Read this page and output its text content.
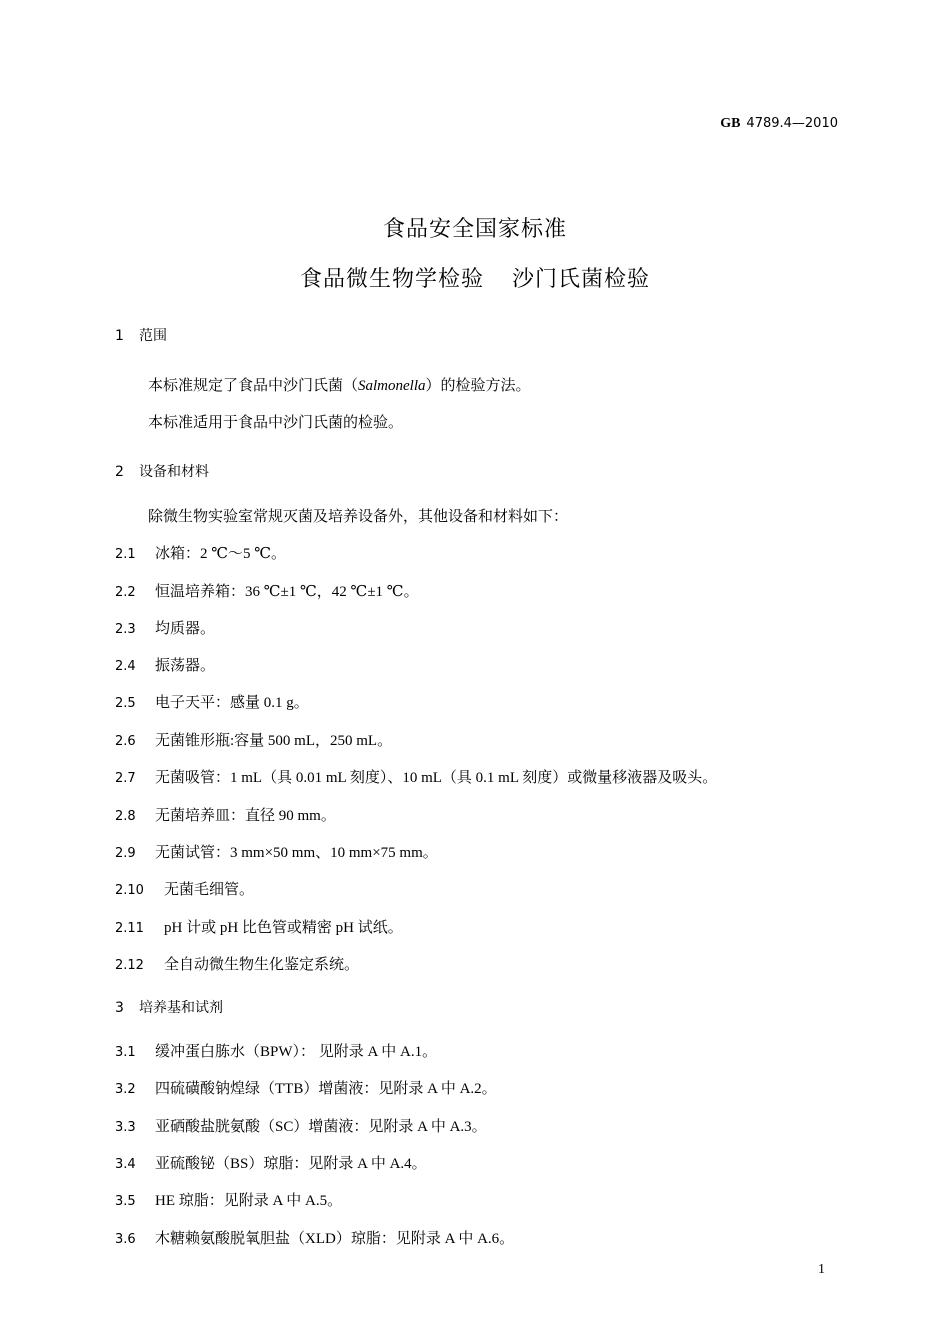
GB 4789.4—2010
食品安全国家标准
食品微生物学检验 沙门氏菌检验
1 范围
本标准规定了食品中沙门氏菌（Salmonella）的检验方法。
本标准适用于食品中沙门氏菌的检验。
2 设备和材料
除微生物实验室常规灭菌及培养设备外，其他设备和材料如下：
2.1 冰箱：2 ℃～5 ℃。
2.2 恒温培养箱：36 ℃±1 ℃，42 ℃±1 ℃。
2.3 均质器。
2.4 振荡器。
2.5 电子天平：感量 0.1 g。
2.6 无菌锥形瓶:容量 500 mL，250 mL。
2.7 无菌吸管：1 mL（具 0.01 mL 刻度）、10 mL（具 0.1 mL 刻度）或微量移液器及吸头。
2.8 无菌培养皿：直径 90 mm。
2.9 无菌试管：3 mm×50 mm、10 mm×75 mm。
2.10 无菌毛细管。
2.11 pH 计或 pH 比色管或精密 pH 试纸。
2.12 全自动微生物生化鉴定系统。
3 培养基和试剂
3.1 缓冲蛋白胨水（BPW）： 见附录 A 中 A.1。
3.2 四硫磺酸钠煌绿（TTB）增菌液：见附录 A 中 A.2。
3.3 亚硒酸盐胱氨酸（SC）增菌液：见附录 A 中 A.3。
3.4 亚硫酸铋（BS）琼脂：见附录 A 中 A.4。
3.5 HE 琼脂：见附录 A 中 A.5。
3.6 木糖赖氨酸脱氧胆盐（XLD）琼脂：见附录 A 中 A.6。
1
